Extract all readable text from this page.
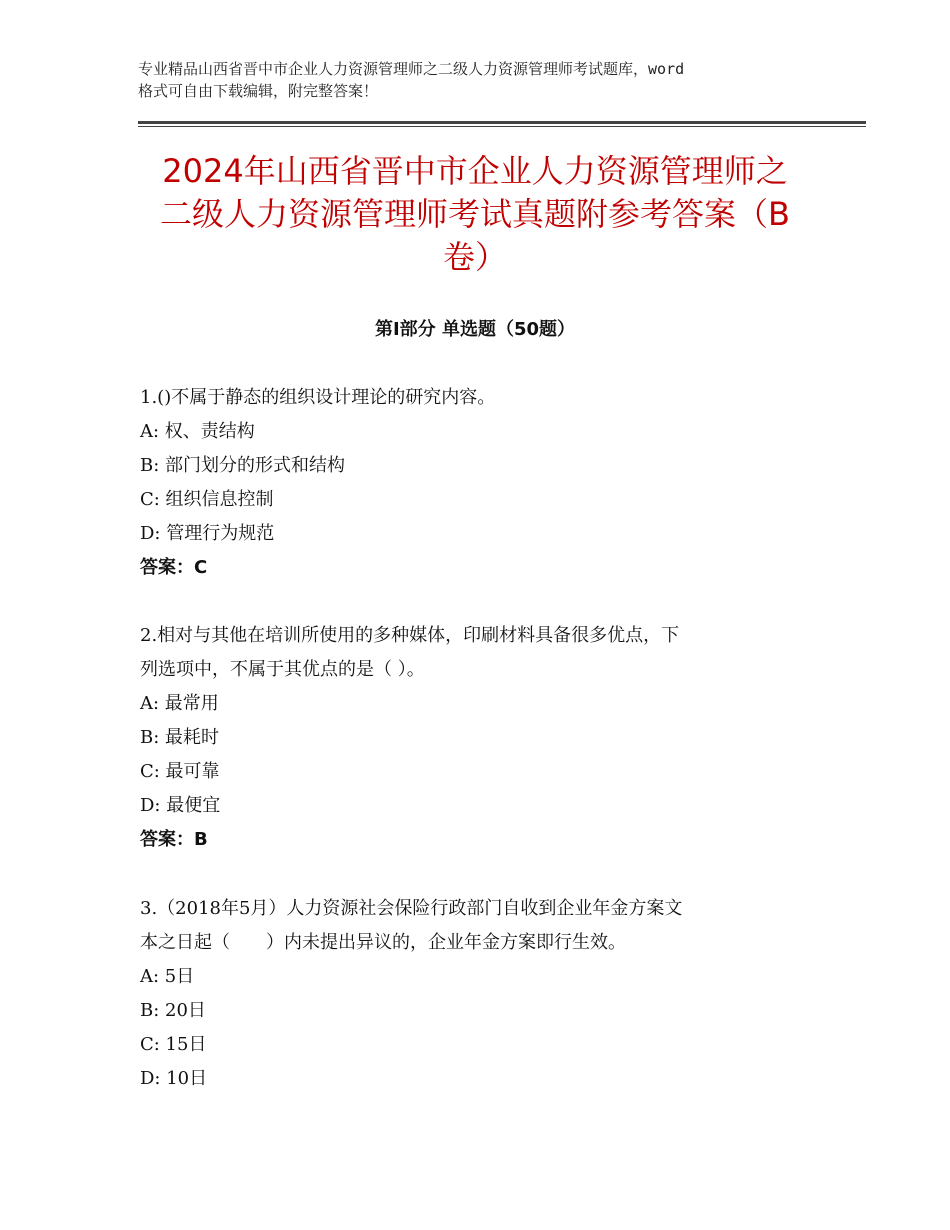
专业精品山西省晋中市企业人力资源管理师之二级人力资源管理师考试题库，word
格式可自由下载编辑，附完整答案！
2024年山西省晋中市企业人力资源管理师之
二级人力资源管理师考试真题附参考答案（B
卷）
第Ⅰ部分 单选题（50题）

1.()不属于静态的组织设计理论的研究内容。

A: 权、责结构

B: 部门划分的形式和结构

C: 组织信息控制

D: 管理行为规范

答案：C

2.相对与其他在培训所使用的多种媒体，印刷材料具备很多优点，下

列选项中，不属于其优点的是（ ）。

A: 最常用

B: 最耗时

C: 最可靠

D: 最便宜

答案：B

3.（2018年5月）人力资源社会保险行政部门自收到企业年金方案文

本之日起（　　）内未提出异议的，企业年金方案即行生效。

A: 5日

B: 20日

C: 15日

D: 10日
